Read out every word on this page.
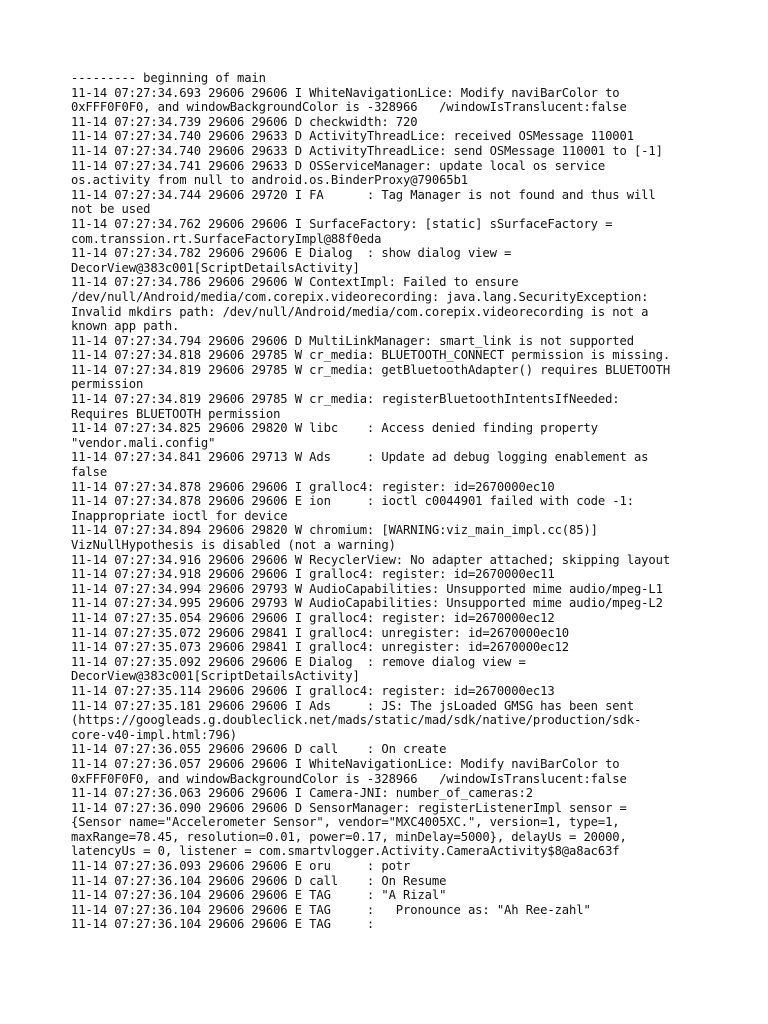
--------- beginning of main
11-14 07:27:34.693 29606 29606 I WhiteNavigationLice: Modify naviBarColor to
0xFFF0F0F0, and windowBackgroundColor is -328966   /windowIsTranslucent:false
11-14 07:27:34.739 29606 29606 D checkwidth: 720
11-14 07:27:34.740 29606 29633 D ActivityThreadLice: received OSMessage 110001
11-14 07:27:34.740 29606 29633 D ActivityThreadLice: send OSMessage 110001 to [-1]
11-14 07:27:34.741 29606 29633 D OSServiceManager: update local os service
os.activity from null to android.os.BinderProxy@79065b1
11-14 07:27:34.744 29606 29720 I FA      : Tag Manager is not found and thus will
not be used
11-14 07:27:34.762 29606 29606 I SurfaceFactory: [static] sSurfaceFactory =
com.transsion.rt.SurfaceFactoryImpl@88f0eda
11-14 07:27:34.782 29606 29606 E Dialog  : show dialog view =
DecorView@383c001[ScriptDetailsActivity]
11-14 07:27:34.786 29606 29606 W ContextImpl: Failed to ensure
/dev/null/Android/media/com.corepix.videorecording: java.lang.SecurityException:
Invalid mkdirs path: /dev/null/Android/media/com.corepix.videorecording is not a
known app path.
11-14 07:27:34.794 29606 29606 D MultiLinkManager: smart_link is not supported
11-14 07:27:34.818 29606 29785 W cr_media: BLUETOOTH_CONNECT permission is missing.
11-14 07:27:34.819 29606 29785 W cr_media: getBluetoothAdapter() requires BLUETOOTH
permission
11-14 07:27:34.819 29606 29785 W cr_media: registerBluetoothIntentsIfNeeded:
Requires BLUETOOTH permission
11-14 07:27:34.825 29606 29820 W libc    : Access denied finding property
"vendor.mali.config"
11-14 07:27:34.841 29606 29713 W Ads     : Update ad debug logging enablement as
false
11-14 07:27:34.878 29606 29606 I gralloc4: register: id=2670000ec10
11-14 07:27:34.878 29606 29606 E ion     : ioctl c0044901 failed with code -1:
Inappropriate ioctl for device
11-14 07:27:34.894 29606 29820 W chromium: [WARNING:viz_main_impl.cc(85)]
VizNullHypothesis is disabled (not a warning)
11-14 07:27:34.916 29606 29606 W RecyclerView: No adapter attached; skipping layout
11-14 07:27:34.918 29606 29606 I gralloc4: register: id=2670000ec11
11-14 07:27:34.994 29606 29793 W AudioCapabilities: Unsupported mime audio/mpeg-L1
11-14 07:27:34.995 29606 29793 W AudioCapabilities: Unsupported mime audio/mpeg-L2
11-14 07:27:35.054 29606 29606 I gralloc4: register: id=2670000ec12
11-14 07:27:35.072 29606 29841 I gralloc4: unregister: id=2670000ec10
11-14 07:27:35.073 29606 29841 I gralloc4: unregister: id=2670000ec12
11-14 07:27:35.092 29606 29606 E Dialog  : remove dialog view =
DecorView@383c001[ScriptDetailsActivity]
11-14 07:27:35.114 29606 29606 I gralloc4: register: id=2670000ec13
11-14 07:27:35.181 29606 29606 I Ads     : JS: The jsLoaded GMSG has been sent
(https://googleads.g.doubleclick.net/mads/static/mad/sdk/native/production/sdk-
core-v40-impl.html:796)
11-14 07:27:36.055 29606 29606 D call    : On create
11-14 07:27:36.057 29606 29606 I WhiteNavigationLice: Modify naviBarColor to
0xFFF0F0F0, and windowBackgroundColor is -328966   /windowIsTranslucent:false
11-14 07:27:36.063 29606 29606 I Camera-JNI: number_of_cameras:2
11-14 07:27:36.090 29606 29606 D SensorManager: registerListenerImpl sensor =
{Sensor name="Accelerometer Sensor", vendor="MXC4005XC.", version=1, type=1,
maxRange=78.45, resolution=0.01, power=0.17, minDelay=5000}, delayUs = 20000,
latencyUs = 0, listener = com.smartvlogger.Activity.CameraActivity$8@a8ac63f
11-14 07:27:36.093 29606 29606 E oru     : potr
11-14 07:27:36.104 29606 29606 D call    : On Resume
11-14 07:27:36.104 29606 29606 E TAG     : "A Rizal"
11-14 07:27:36.104 29606 29606 E TAG     :   Pronounce as: "Ah Ree-zahl"
11-14 07:27:36.104 29606 29606 E TAG     :
